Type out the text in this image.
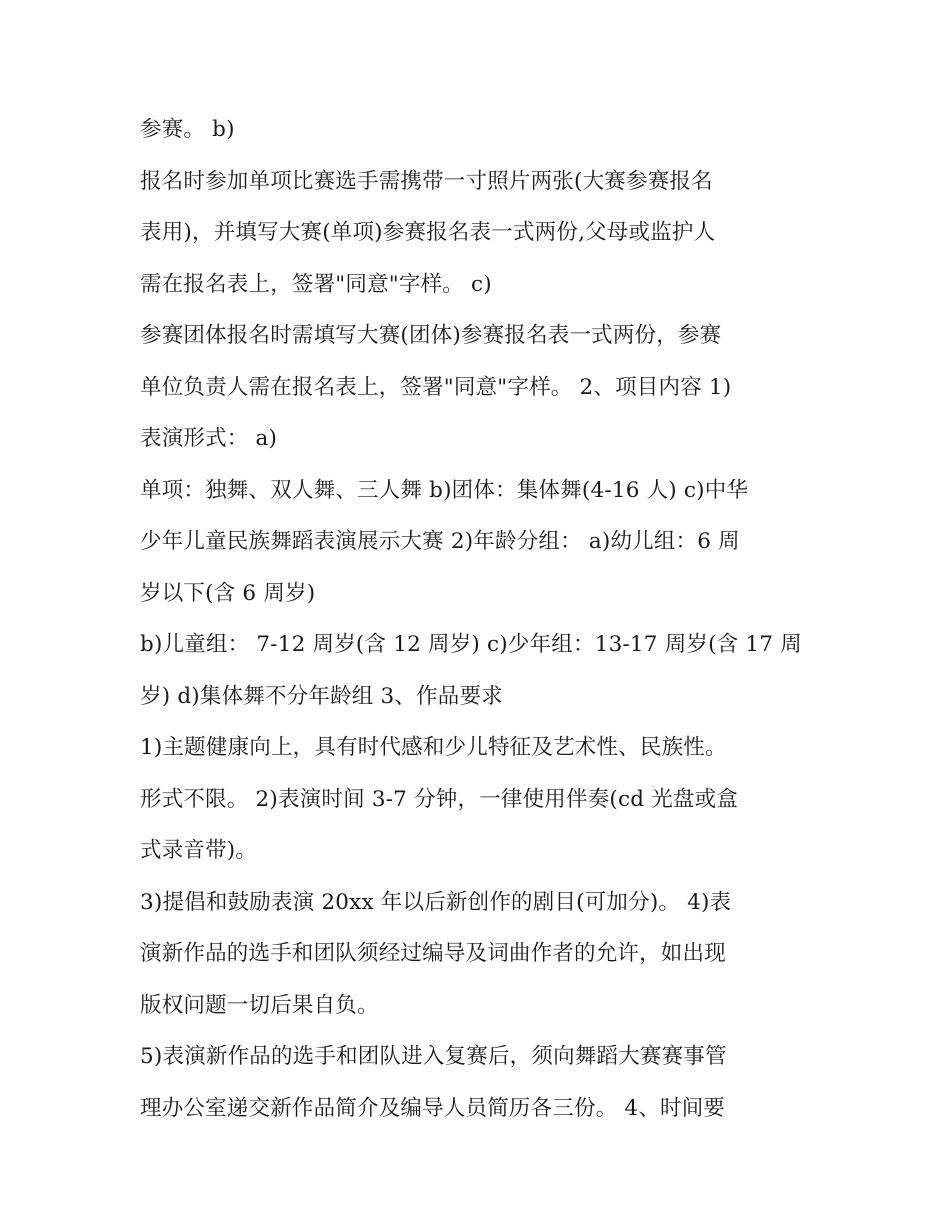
参赛。 b)
报名时参加单项比赛选手需携带一寸照片两张(大赛参赛报名
表用)，并填写大赛(单项)参赛报名表一式两份,父母或监护人
需在报名表上，签署"同意"字样。 c)
参赛团体报名时需填写大赛(团体)参赛报名表一式两份，参赛
单位负责人需在报名表上，签署"同意"字样。 2、项目内容 1)
表演形式： a)
单项：独舞、双人舞、三人舞 b)团体：集体舞(4-16 人) c)中华
少年儿童民族舞蹈表演展示大赛 2)年龄分组： a)幼儿组：6 周
岁以下(含 6 周岁)
b)儿童组： 7-12 周岁(含 12 周岁) c)少年组：13-17 周岁(含 17 周
岁) d)集体舞不分年龄组 3、作品要求
1)主题健康向上，具有时代感和少儿特征及艺术性、民族性。
形式不限。 2)表演时间 3-7 分钟，一律使用伴奏(cd 光盘或盒
式录音带)。
3)提倡和鼓励表演 20xx 年以后新创作的剧目(可加分)。 4)表
演新作品的选手和团队须经过编导及词曲作者的允许，如出现
版权问题一切后果自负。
5)表演新作品的选手和团队进入复赛后，须向舞蹈大赛赛事管
理办公室递交新作品简介及编导人员简历各三份。 4、时间要
